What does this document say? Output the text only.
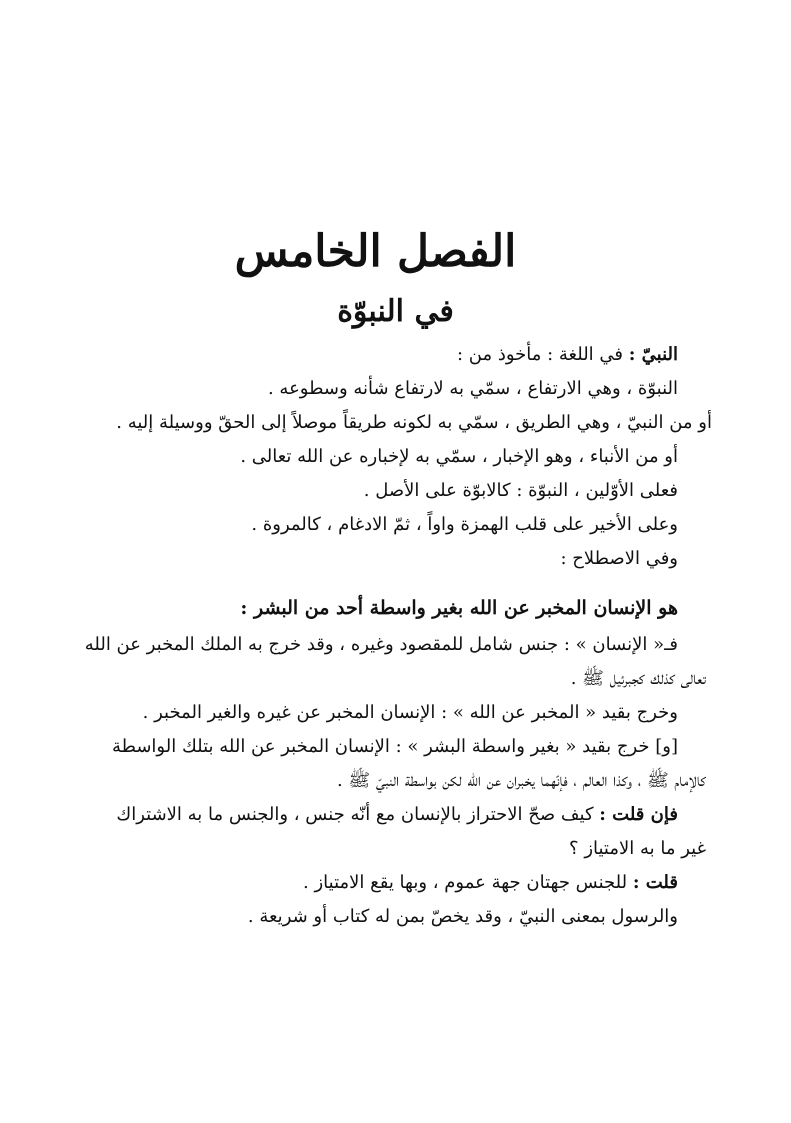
الفصل الخامس
في النبوّة
النبيّ : في اللغة : مأخوذ من :
النبوّة ، وهي الارتفاع ، سمّي به لارتفاع شأنه وسطوعه .
أو من النبيّ ، وهي الطريق ، سمّي به لكونه طريقاً موصلاً إلى الحقّ ووسيلة إليه .
أو من الأنباء ، وهو الإخبار ، سمّي به لإخباره عن الله تعالى .
فعلى الأوّلين ، النبوّة : كالابوّة على الأصل .
وعلى الأخير على قلب الهمزة واواً ، ثمّ الادغام ، كالمروة .
وفي الاصطلاح :
هو الإنسان المخبر عن الله بغير واسطة أحد من البشر :
فـ« الإنسان » : جنس شامل للمقصود وغيره ، وقد خرج به الملك المخبر عن الله
تعالى كذلك كجبرئيل ﷺ .
وخرج بقيد « المخبر عن الله » : الإنسان المخبر عن غيره والغير المخبر .
[و] خرج بقيد « بغير واسطة البشر » : الإنسان المخبر عن الله بتلك الواسطة
كالإمام ﷺ ، وكذا العالم ، فإنّهما يخبران عن الله لكن بواسطة النبيّ ﷺ .
فإن قلت : كيف صحّ الاحتراز بالإنسان مع أنّه جنس ، والجنس ما به الاشتراك
غير ما به الامتياز ؟
قلت : للجنس جهتان جهة عموم ، وبها يقع الامتياز .
والرسول بمعنى النبيّ ، وقد يخصّ بمن له كتاب أو شريعة .
